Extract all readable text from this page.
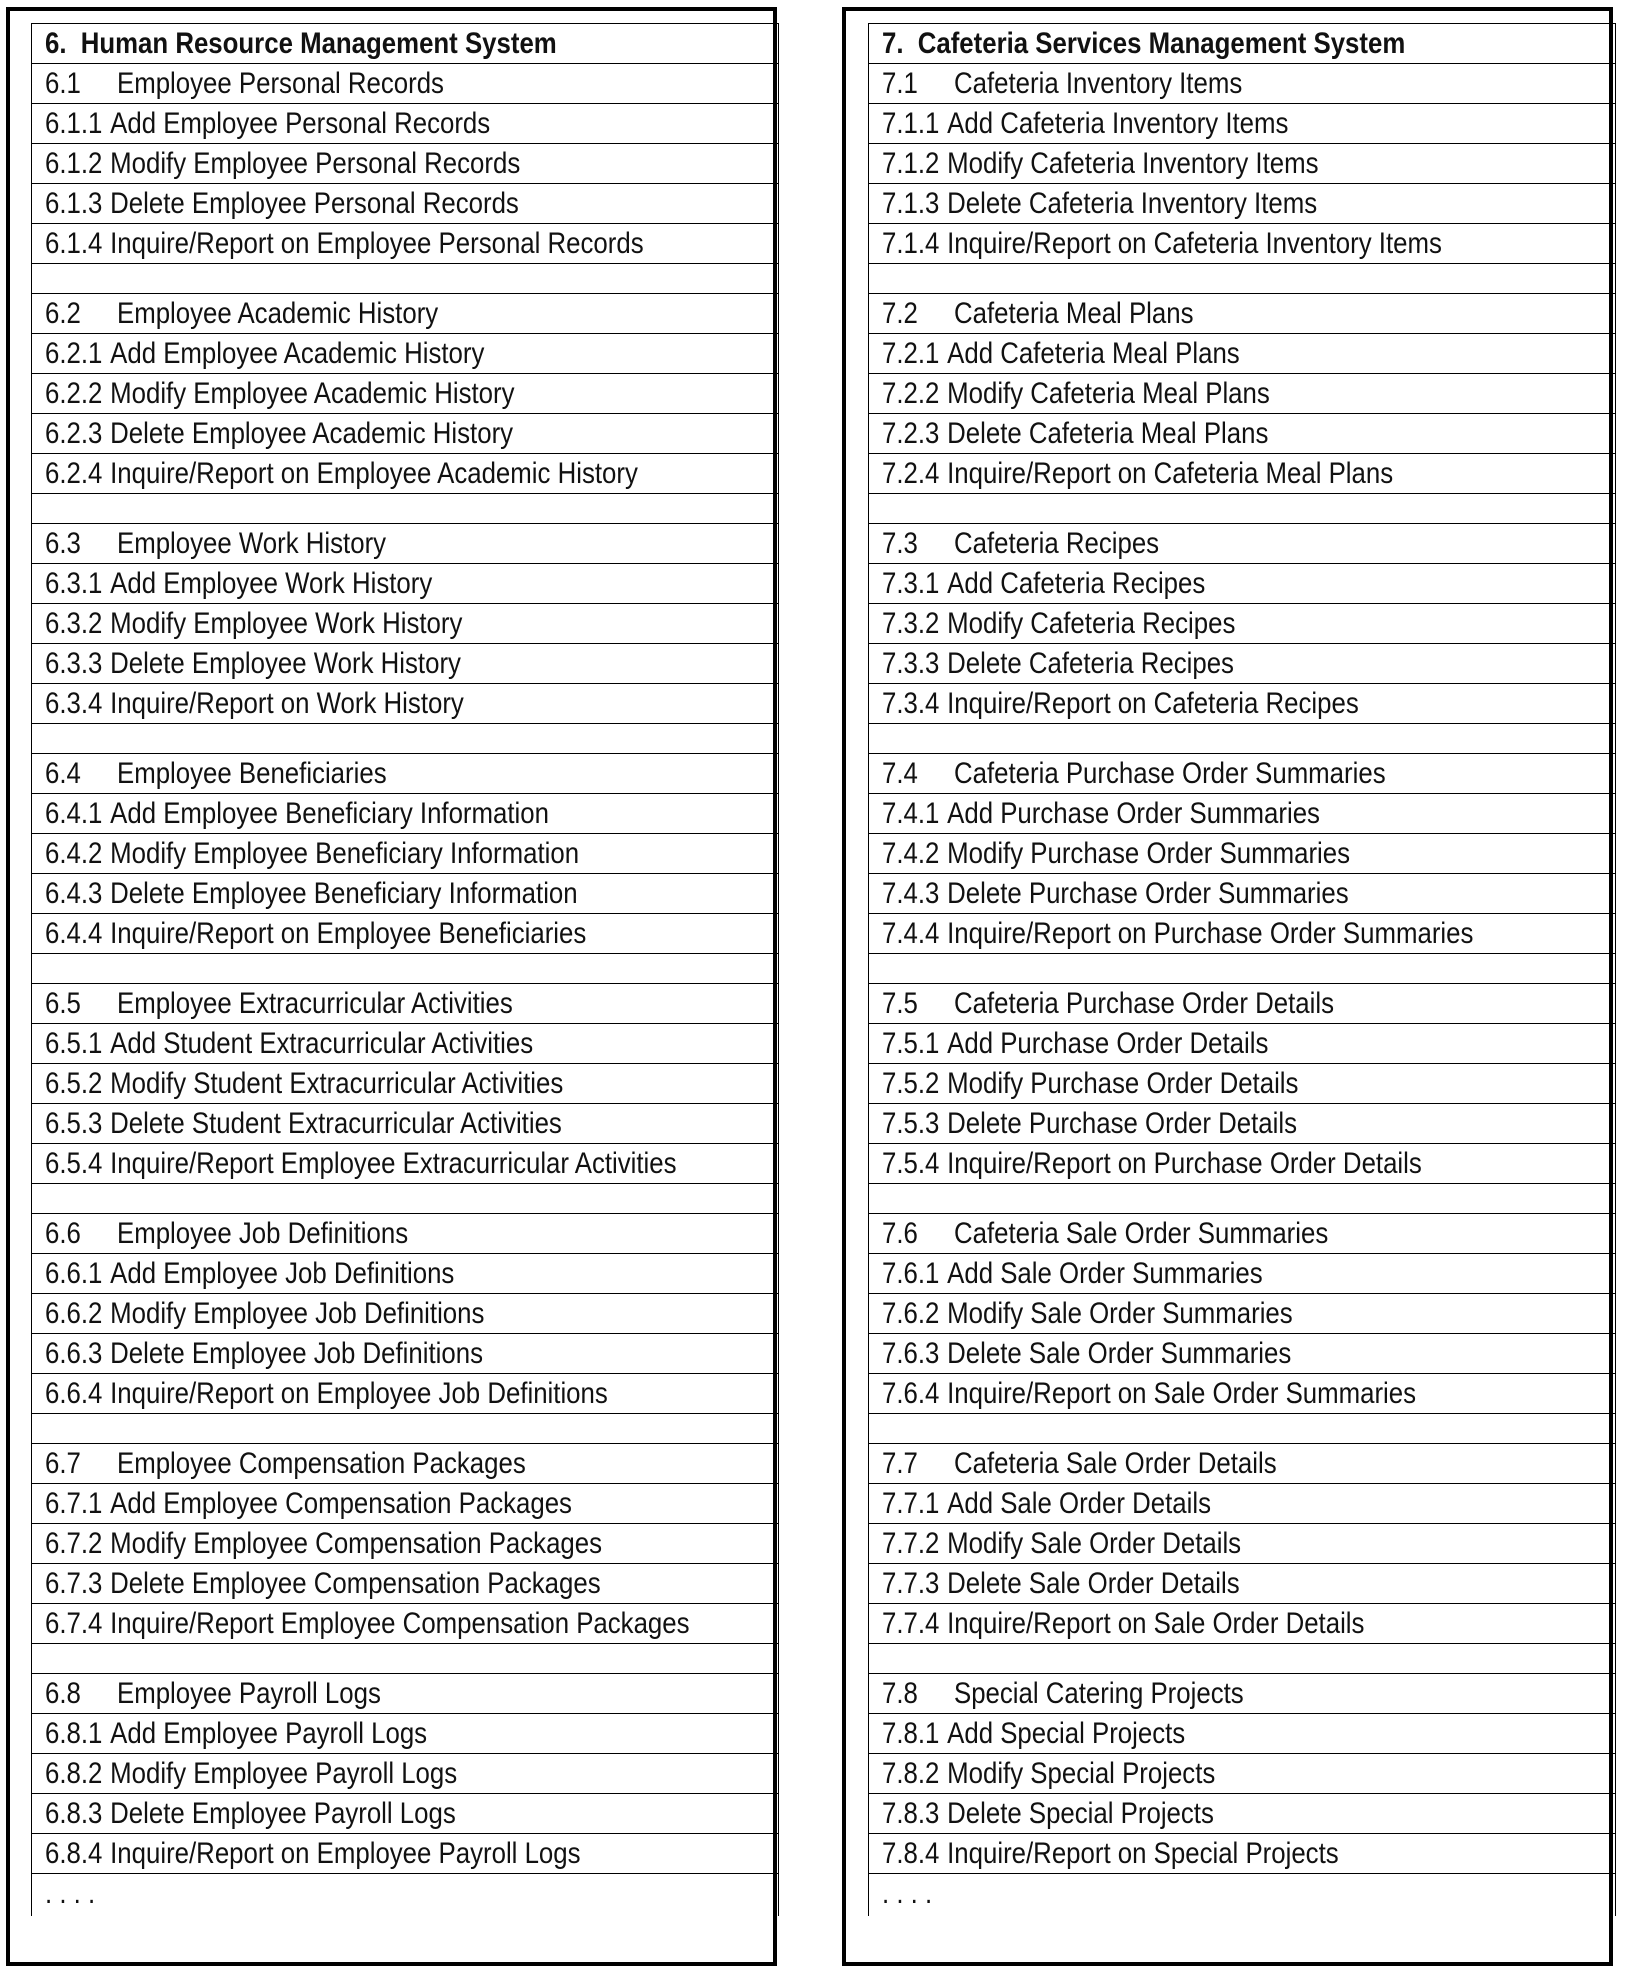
6. Human Resource Management System
6.1 Employee Personal Records
6.1.1 Add Employee Personal Records
6.1.2 Modify Employee Personal Records
6.1.3 Delete Employee Personal Records
6.1.4 Inquire/Report on Employee Personal Records
6.2 Employee Academic History
6.2.1 Add Employee Academic History
6.2.2 Modify Employee Academic History
6.2.3 Delete Employee Academic History
6.2.4 Inquire/Report on Employee Academic History
6.3 Employee Work History
6.3.1 Add Employee Work History
6.3.2 Modify Employee Work History
6.3.3 Delete Employee Work History
6.3.4 Inquire/Report on Work History
6.4 Employee Beneficiaries
6.4.1 Add Employee Beneficiary Information
6.4.2 Modify Employee Beneficiary Information
6.4.3 Delete Employee Beneficiary Information
6.4.4 Inquire/Report on Employee Beneficiaries
6.5 Employee Extracurricular Activities
6.5.1 Add Student Extracurricular Activities
6.5.2 Modify Student Extracurricular Activities
6.5.3 Delete Student Extracurricular Activities
6.5.4 Inquire/Report Employee Extracurricular Activities
6.6 Employee Job Definitions
6.6.1 Add Employee Job Definitions
6.6.2 Modify Employee Job Definitions
6.6.3 Delete Employee Job Definitions
6.6.4 Inquire/Report on Employee Job Definitions
6.7 Employee Compensation Packages
6.7.1 Add Employee Compensation Packages
6.7.2 Modify Employee Compensation Packages
6.7.3 Delete Employee Compensation Packages
6.7.4 Inquire/Report Employee Compensation Packages
6.8 Employee Payroll Logs
6.8.1 Add Employee Payroll Logs
6.8.2 Modify Employee Payroll Logs
6.8.3 Delete Employee Payroll Logs
6.8.4 Inquire/Report on Employee Payroll Logs
. . . .
7. Cafeteria Services Management System
7.1 Cafeteria Inventory Items
7.1.1 Add Cafeteria Inventory Items
7.1.2 Modify Cafeteria Inventory Items
7.1.3 Delete Cafeteria Inventory Items
7.1.4 Inquire/Report on Cafeteria Inventory Items
7.2 Cafeteria Meal Plans
7.2.1 Add Cafeteria Meal Plans
7.2.2 Modify Cafeteria Meal Plans
7.2.3 Delete Cafeteria Meal Plans
7.2.4 Inquire/Report on Cafeteria Meal Plans
7.3 Cafeteria Recipes
7.3.1 Add Cafeteria Recipes
7.3.2 Modify Cafeteria Recipes
7.3.3 Delete Cafeteria Recipes
7.3.4 Inquire/Report on Cafeteria Recipes
7.4 Cafeteria Purchase Order Summaries
7.4.1 Add Purchase Order Summaries
7.4.2 Modify Purchase Order Summaries
7.4.3 Delete Purchase Order Summaries
7.4.4 Inquire/Report on Purchase Order Summaries
7.5 Cafeteria Purchase Order Details
7.5.1 Add Purchase Order Details
7.5.2 Modify Purchase Order Details
7.5.3 Delete Purchase Order Details
7.5.4 Inquire/Report on Purchase Order Details
7.6 Cafeteria Sale Order Summaries
7.6.1 Add Sale Order Summaries
7.6.2 Modify Sale Order Summaries
7.6.3 Delete Sale Order Summaries
7.6.4 Inquire/Report on Sale Order Summaries
7.7 Cafeteria Sale Order Details
7.7.1 Add Sale Order Details
7.7.2 Modify Sale Order Details
7.7.3 Delete Sale Order Details
7.7.4 Inquire/Report on Sale Order Details
7.8 Special Catering Projects
7.8.1 Add Special Projects
7.8.2 Modify Special Projects
7.8.3 Delete Special Projects
7.8.4 Inquire/Report on Special Projects
. . . .
